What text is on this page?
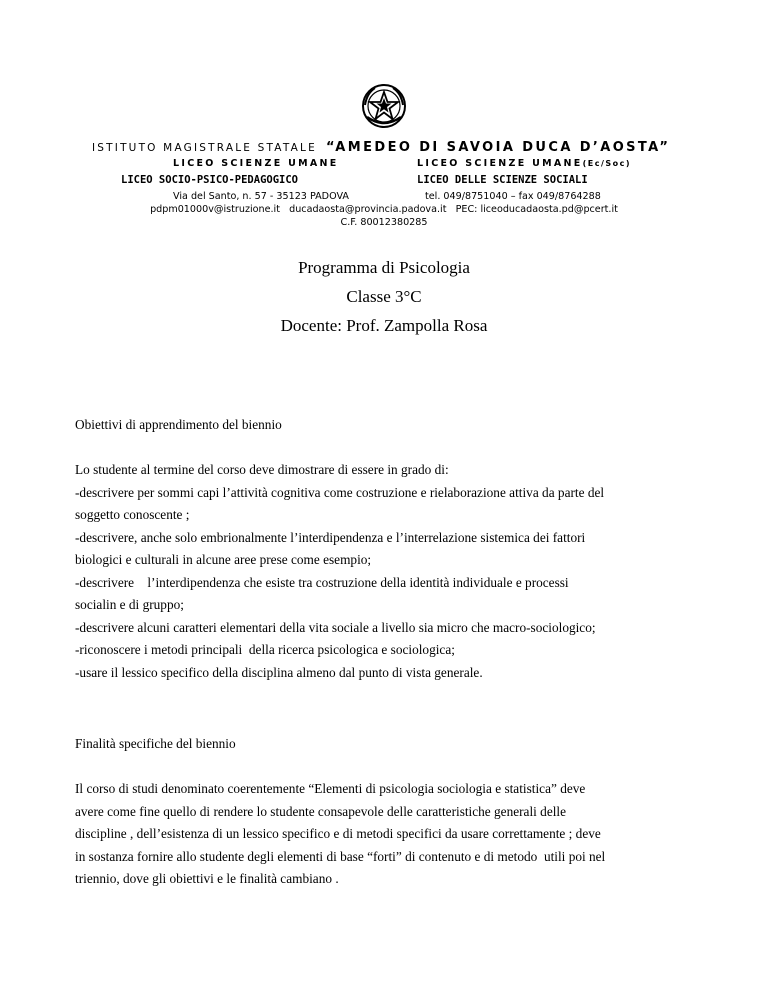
ISTITUTO MAGISTRALE STATALE “AMEDEO DI SAVOIA DUCA D’AOSTA”
LICEO SCIENZE UMANE	LICEO SCIENZE UMANE(Ec/Soc)
LICEO SOCIO-PSICO-PEDAGOGICO	LICEO DELLE SCIENZE SOCIALI
Via del Santo, n. 57 - 35123 PADOVA	tel. 049/8751040 – fax 049/8764288
pdpm01000v@istruzione.it   ducadaosta@provincia.padova.it   PEC: liceoducadaosta.pd@pcert.it
C.F. 80012380285
Programma di Psicologia
Classe 3°C
Docente: Prof. Zampolla Rosa

Obiettivi di apprendimento del biennio

Lo studente al termine del corso deve dimostrare di essere in grado di:

-descrivere per sommi capi l’attività cognitiva come costruzione e rielaborazione attiva da parte del

soggetto conoscente ;

-descrivere, anche solo embrionalmente l’interdipendenza e l’interrelazione sistemica dei fattori

biologici e culturali in alcune aree prese come esempio;

-descrivere    l’interdipendenza che esiste tra costruzione della identità individuale e processi

socialin e di gruppo;

-descrivere alcuni caratteri elementari della vita sociale a livello sia micro che macro-sociologico;

-riconoscere i metodi principali  della ricerca psicologica e sociologica;

-usare il lessico specifico della disciplina almeno dal punto di vista generale.

Finalità specifiche del biennio

Il corso di studi denominato coerentemente “Elementi di psicologia sociologia e statistica” deve

avere come fine quello di rendere lo studente consapevole delle caratteristiche generali delle

discipline , dell’esistenza di un lessico specifico e di metodi specifici da usare correttamente ; deve

in sostanza fornire allo studente degli elementi di base “forti” di contenuto e di metodo  utili poi nel

triennio, dove gli obiettivi e le finalità cambiano .
